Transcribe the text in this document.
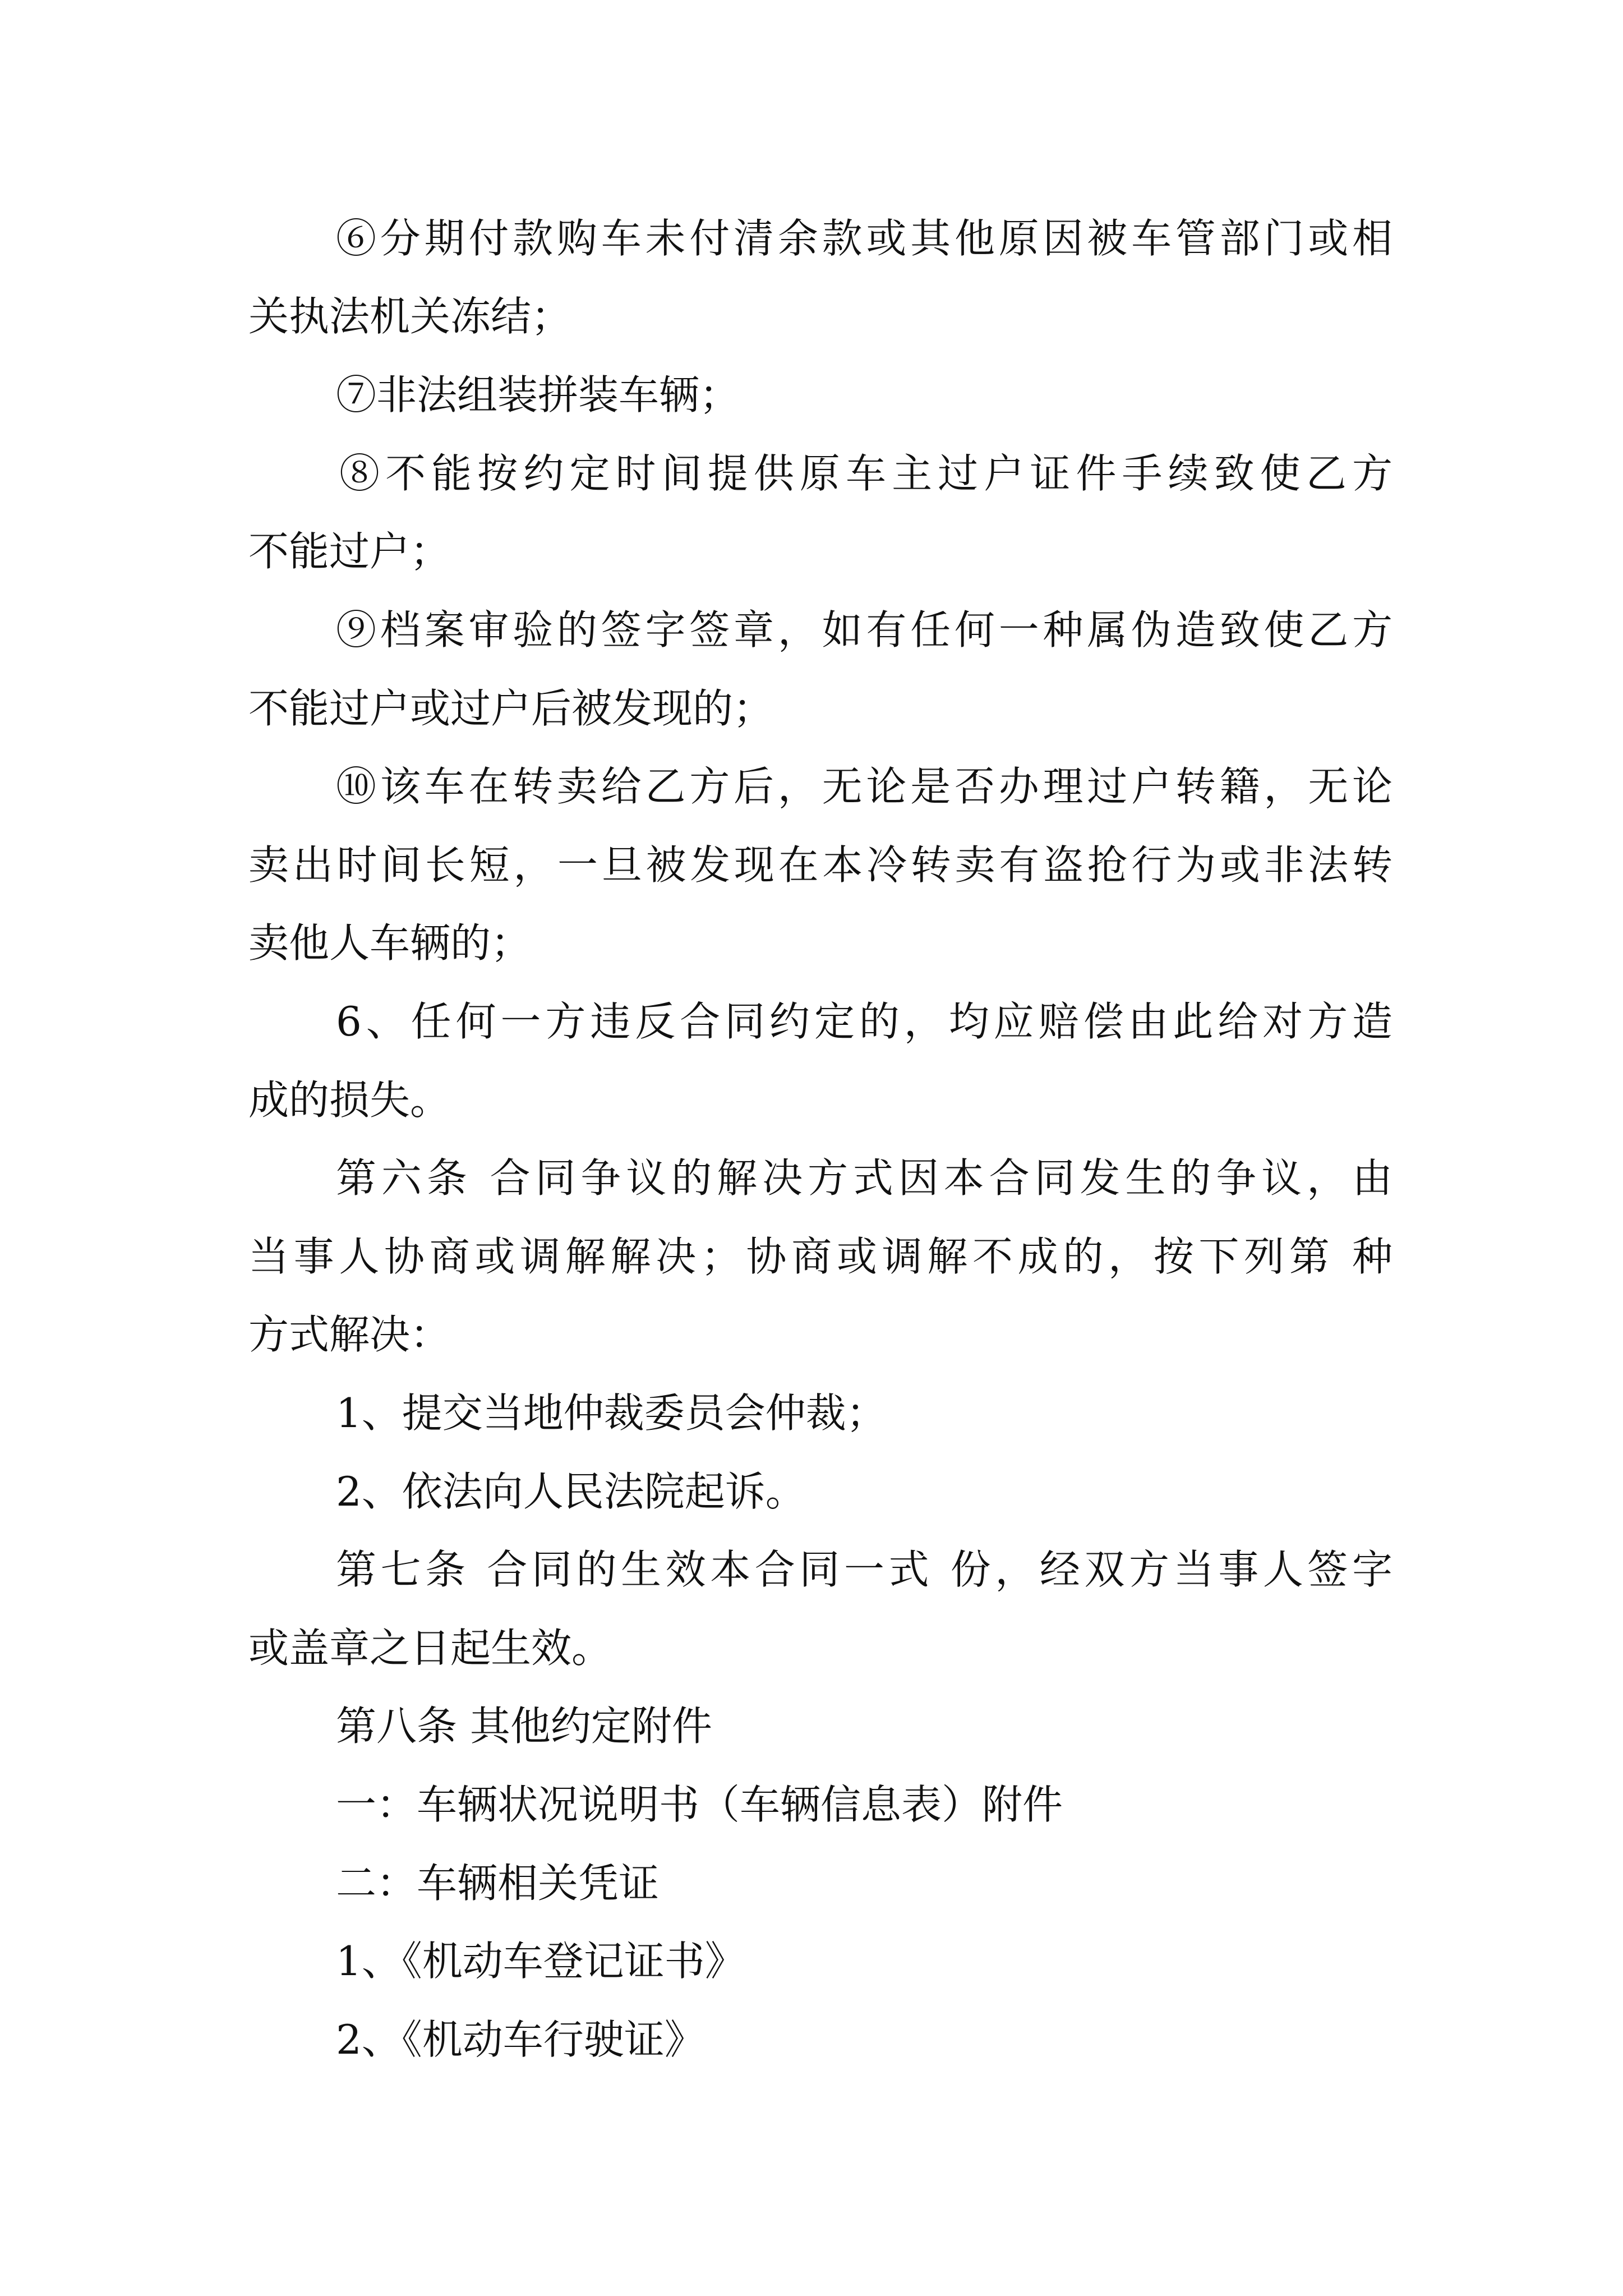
⑥分期付款购车未付清余款或其他原因被车管部门或相
关执法机关冻结；
⑦非法组装拼装车辆；
⑧不能按约定时间提供原车主过户证件手续致使乙方
不能过户；
⑨档案审验的签字签章，如有任何一种属伪造致使乙方
不能过户或过户后被发现的；
⑩该车在转卖给乙方后，无论是否办理过户转籍，无论
卖出时间长短，一旦被发现在本冷转卖有盗抢行为或非法转
卖他人车辆的；
6、任何一方违反合同约定的，均应赔偿由此给对方造
成的损失。
第六条 合同争议的解决方式因本合同发生的争议，由
当事人协商或调解解决；协商或调解不成的，按下列第 种
方式解决：
1、提交当地仲裁委员会仲裁；
2、依法向人民法院起诉。
第七条 合同的生效本合同一式 份，经双方当事人签字
或盖章之日起生效。
第八条 其他约定附件
一：车辆状况说明书（车辆信息表）附件
二：车辆相关凭证
1、《机动车登记证书》
2、《机动车行驶证》
